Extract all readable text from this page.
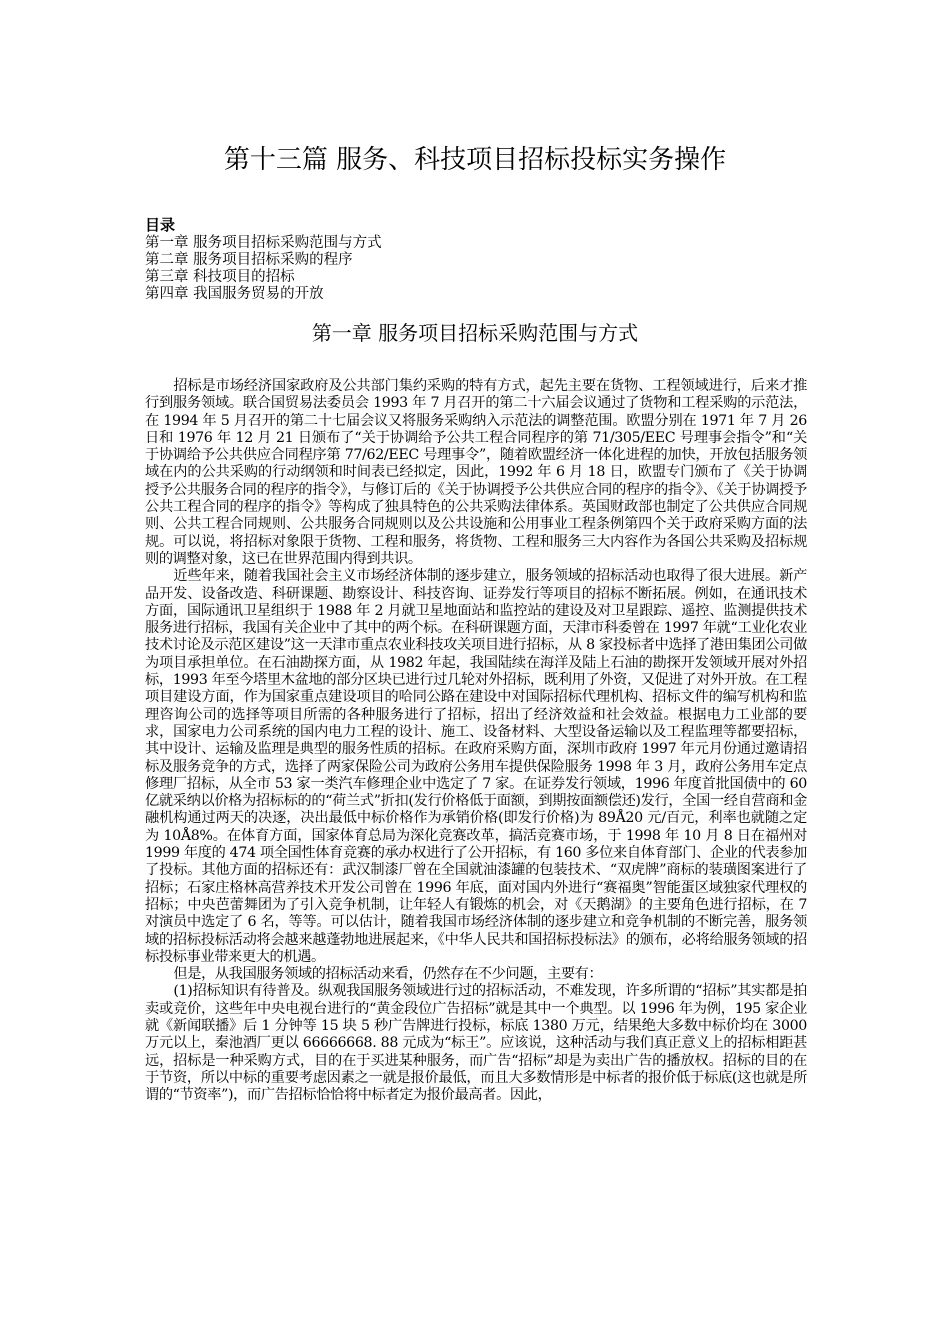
第十三篇 服务、科技项目招标投标实务操作
目录
第一章 服务项目招标采购范围与方式
第二章 服务项目招标采购的程序
第三章 科技项目的招标
第四章 我国服务贸易的开放
第一章 服务项目招标采购范围与方式

招标是市场经济国家政府及公共部门集约采购的特有方式，起先主要在货物、工程领域进行，后来才推行到服务领域。联合国贸易法委员会 1993 年 7 月召开的第二十六届会议通过了货物和工程采购的示范法，在 1994 年 5 月召开的第二十七届会议又将服务采购纳入示范法的调整范围。欧盟分别在 1971 年 7 月 26 日和 1976 年 12 月 21 日颁布了“关于协调给予公共工程合同程序的第 71/305/EEC 号理事会指令”和“关于协调给予公共供应合同程序第 77/62/EEC 号理事令”，随着欧盟经济一体化进程的加快，开放包括服务领域在内的公共采购的行动纲领和时间表已经拟定，因此，1992 年 6 月 18 日，欧盟专门颁布了《关于协调授予公共服务合同的程序的指令》，与修订后的《关于协调授予公共供应合同的程序的指令》、《关于协调授予公共工程合同的程序的指令》等构成了独具特色的公共采购法律体系。英国财政部也制定了公共供应合同规则、公共工程合同规则、公共服务合同规则以及公共设施和公用事业工程条例第四个关于政府采购方面的法规。可以说，将招标对象限于货物、工程和服务，将货物、工程和服务三大内容作为各国公共采购及招标规则的调整对象，这已在世界范围内得到共识。

近些年来，随着我国社会主义市场经济体制的逐步建立，服务领域的招标活动也取得了很大进展。新产品开发、设备改造、科研课题、勘察设计、科技咨询、证券发行等项目的招标不断拓展。例如，在通讯技术方面，国际通讯卫星组织于 1988 年 2 月就卫星地面站和监控站的建设及对卫星跟踪、遥控、监测提供技术服务进行招标，我国有关企业中了其中的两个标。在科研课题方面，天津市科委曾在 1997 年就“工业化农业技术讨论及示范区建设”这一天津市重点农业科技攻关项目进行招标，从 8 家投标者中选择了港田集团公司做为项目承担单位。在石油勘探方面，从 1982 年起，我国陆续在海洋及陆上石油的勘探开发领域开展对外招标，1993 年至今塔里木盆地的部分区块已进行过几轮对外招标，既利用了外资，又促进了对外开放。在工程项目建设方面，作为国家重点建设项目的哈同公路在建设中对国际招标代理机构、招标文件的编写机构和监理咨询公司的选择等项目所需的各种服务进行了招标，招出了经济效益和社会效益。根据电力工业部的要求，国家电力公司系统的国内电力工程的设计、施工、设备材料、大型设备运输以及工程监理等都要招标，其中设计、运输及监理是典型的服务性质的招标。在政府采购方面，深圳市政府 1997 年元月份通过邀请招标及服务竞争的方式，选择了两家保险公司为政府公务用车提供保险服务 1998 年 3 月，政府公务用车定点修理厂招标，从全市 53 家一类汽车修理企业中选定了 7 家。在证券发行领域，1996 年度首批国债中的 60 亿就采纳以价格为招标标的的“荷兰式”折扣(发行价格低于面额，到期按面额偿还)发行，全国一经自营商和金融机构通过两天的决逐，决出最低中标价格作为承销价格(即发行价格)为 89Å20 元/百元，利率也就随之定为 10Å8%。在体育方面，国家体育总局为深化竞赛改革，搞活竞赛市场，于 1998 年 10 月 8 日在福州对 1999 年度的 474 项全国性体育竞赛的承办权进行了公开招标，有 160 多位来自体育部门、企业的代表参加了投标。其他方面的招标还有：武汉制漆厂曾在全国就油漆罐的包装技术、“双虎牌”商标的装璜图案进行了招标；石家庄格林高营养技术开发公司曾在 1996 年底，面对国内外进行“赛福奥”智能蛋区域独家代理权的招标；中央芭蕾舞团为了引入竞争机制，让年轻人有锻炼的机会，对《天鹅湖》的主要角色进行招标，在 7 对演员中选定了 6 名，等等。可以估计，随着我国市场经济体制的逐步建立和竞争机制的不断完善，服务领域的招标投标活动将会越来越蓬勃地进展起来，《中华人民共和国招标投标法》的颁布，必将给服务领域的招标投标事业带来更大的机遇。

但是，从我国服务领域的招标活动来看，仍然存在不少问题，主要有：

(1)招标知识有待普及。纵观我国服务领域进行过的招标活动，不难发现，许多所谓的“招标”其实都是拍卖或竞价，这些年中央电视台进行的“黄金段位广告招标”就是其中一个典型。以 1996 年为例，195 家企业就《新闻联播》后 1 分钟等 15 块 5 秒广告牌进行投标，标底 1380 万元，结果绝大多数中标价均在 3000 万元以上，秦池酒厂更以 66666668. 88 元成为“标王”。应该说，这种活动与我们真正意义上的招标相距甚远，招标是一种采购方式，目的在于买进某种服务，而广告“招标”却是为卖出广告的播放权。招标的目的在于节资，所以中标的重要考虑因素之一就是报价最低，而且大多数情形是中标者的报价低于标底(这也就是所谓的“节资率”)，而广告招标恰恰将中标者定为报价最高者。因此，
